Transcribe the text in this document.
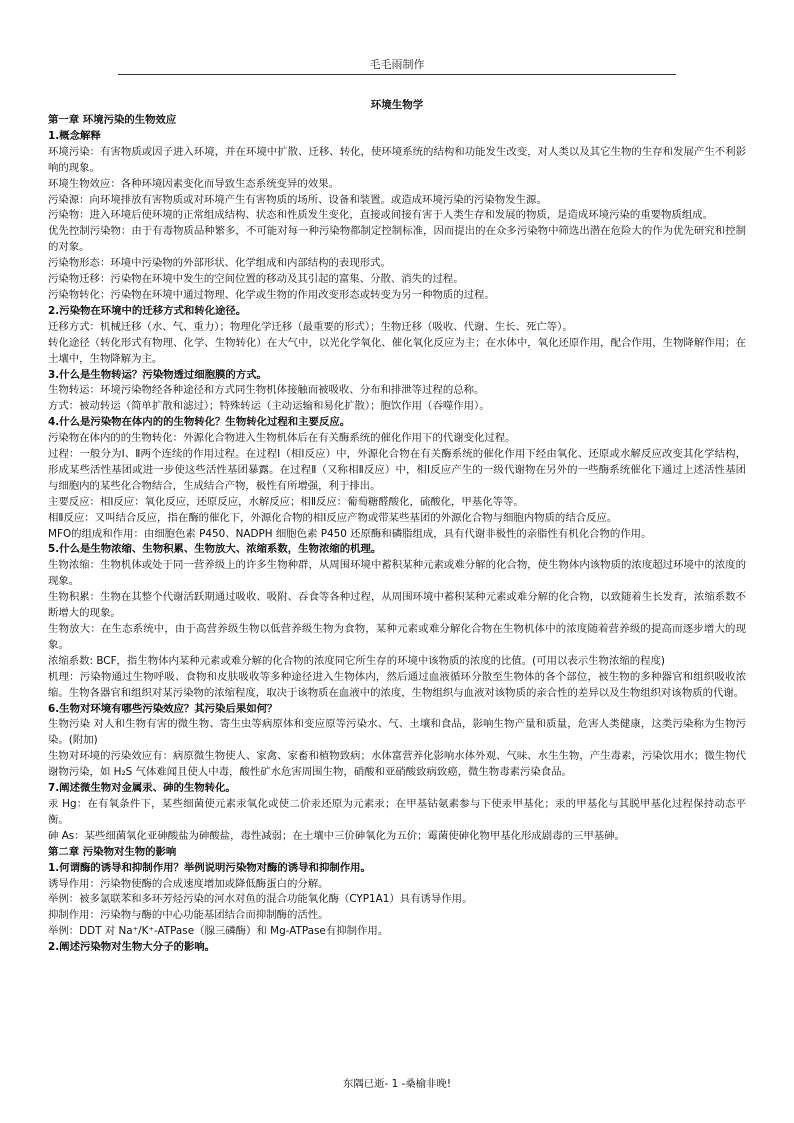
毛毛雨制作
环境生物学

第一章 环境污染的生物效应

1.概念解释

环境污染：有害物质或因子进入环境，并在环境中扩散、迁移、转化，使环境系统的结构和功能发生改变，对人类以及其它生物的生存和发展产生不利影响的现象。

环境生物效应：各种环境因素变化而导致生态系统变异的效果。

污染源：向环境排放有害物质或对环境产生有害物质的场所、设备和装置。或造成环境污染的污染物发生源。

污染物：进入环境后使环境的正常组成结构、状态和性质发生变化，直接或间接有害于人类生存和发展的物质，是造成环境污染的重要物质组成。

优先控制污染物：由于有毒物质品种繁多，不可能对每一种污染物都制定控制标准，因而提出的在众多污染物中筛选出潜在危险大的作为优先研究和控制的对象。

污染物形态：环境中污染物的外部形状、化学组成和内部结构的表现形式。

污染物迁移：污染物在环境中发生的空间位置的移动及其引起的富集、分散、消失的过程。

污染物转化：污染物在环境中通过物理、化学或生物的作用改变形态或转变为另一种物质的过程。

2.污染物在环境中的迁移方式和转化途径。

迁移方式：机械迁移（水、气、重力）；物理化学迁移（最重要的形式）；生物迁移（吸收、代谢、生长、死亡等）。

转化途径（转化形式有物理、化学、生物转化）在大气中，以光化学氧化、催化氧化反应为主；在水体中，氧化还原作用，配合作用，生物降解作用；在土壤中，生物降解为主。

3.什么是生物转运？污染物透过细胞膜的方式。

生物转运：环境污染物经各种途径和方式同生物机体接触而被吸收、分布和排泄等过程的总称。

方式：被动转运（简单扩散和滤过）；特殊转运（主动运输和易化扩散）；胞饮作用（吞噬作用）。

4.什么是污染物在体内的的生物转化？生物转化过程和主要反应。

污染物在体内的的生物转化：外源化合物进入生物机体后在有关酶系统的催化作用下的代谢变化过程。

过程：一般分为Ⅰ、Ⅱ两个连续的作用过程。在过程Ⅰ（相Ⅰ反应）中，外源化合物在有关酶系统的催化作用下经由氧化、还原或水解反应改变其化学结构，形成某些活性基团或进一步使这些活性基团暴露。在过程Ⅱ（又称相Ⅱ反应）中，相Ⅰ反应产生的一级代谢物在另外的一些酶系统催化下通过上述活性基团与细胞内的某些化合物结合，生成结合产物，极性有所增强，利于排出。

主要反应：相Ⅰ反应：氧化反应，还原反应，水解反应；相Ⅱ反应：葡萄糖醛酸化，硫酸化，甲基化等等。

相Ⅱ反应：又叫结合反应，指在酶的催化下，外源化合物的相Ⅰ反应产物或带某些基团的外源化合物与细胞内物质的结合反应。

MFO的组成和作用：由细胞色素 P450、NADPH 细胞色素 P450 还原酶和磷脂组成，具有代谢非极性的亲脂性有机化合物的作用。

5.什么是生物浓缩、生物积累、生物放大、浓缩系数，生物浓缩的机理。

生物浓缩：生物机体或处于同一营养级上的许多生物种群，从周围环境中蓄积某种元素或难分解的化合物，使生物体内该物质的浓度超过环境中的浓度的现象。

生物积累：生物在其整个代谢活跃期通过吸收、吸附、吞食等各种过程，从周围环境中蓄积某种元素或难分解的化合物，以致随着生长发育，浓缩系数不断增大的现象。

生物放大：在生态系统中，由于高营养级生物以低营养级生物为食物，某种元素或难分解化合物在生物机体中的浓度随着营养级的提高而逐步增大的现象。

浓缩系数: BCF，指生物体内某种元素或难分解的化合物的浓度同它所生存的环境中该物质的浓度的比值。(可用以表示生物浓缩的程度)

机理：污染物通过生物呼吸、食物和皮肤吸收等多种途径进入生物体内，然后通过血液循环分散至生物体的各个部位，被生物的多种器官和组织吸收浓缩。生物各器官和组织对某污染物的浓缩程度，取决于该物质在血液中的浓度，生物组织与血液对该物质的亲合性的差异以及生物组织对该物质的代谢。

6.生物对环境有哪些污染效应？其污染后果如何？

生物污染 对人和生物有害的微生物、寄生虫等病原体和变应原等污染水、气、土壤和食品，影响生物产量和质量，危害人类健康，这类污染称为生物污染。(附加)

生物对环境的污染效应有：病原微生物使人、家禽、家畜和植物致病；水体富营养化影响水体外观、气味、水生生物，产生毒素，污染饮用水；微生物代谢物污染，如 H₂S 气体难闻且使人中毒，酸性矿水危害周围生物，硝酸和亚硝酸致病致癌，微生物毒素污染食品。

7.阐述微生物对金属汞、砷的生物转化。

汞 Hg：在有氧条件下，某些细菌使元素汞氧化或使二价汞还原为元素汞；在甲基钴氨素参与下使汞甲基化；汞的甲基化与其脱甲基化过程保持动态平衡。

砷 As：某些细菌氧化亚砷酸盐为砷酸盐，毒性减弱；在土壤中三价砷氧化为五价；霉菌使砷化物甲基化形成剧毒的三甲基砷。

第二章 污染物对生物的影响

1.何谓酶的诱导和抑制作用？举例说明污染物对酶的诱导和抑制作用。

诱导作用：污染物使酶的合成速度增加或降低酶蛋白的分解。

举例：被多氯联苯和多环芳烃污染的河水对鱼的混合功能氧化酶（CYP1A1）具有诱导作用。

抑制作用：污染物与酶的中心功能基团结合而抑制酶的活性。

举例：DDT 对 Na⁺/K⁺-ATPase（腺三磷酶）和 Mg-ATPase有抑制作用。

2.阐述污染物对生物大分子的影响。

东隅已逝- 1 -桑榆非晚!
